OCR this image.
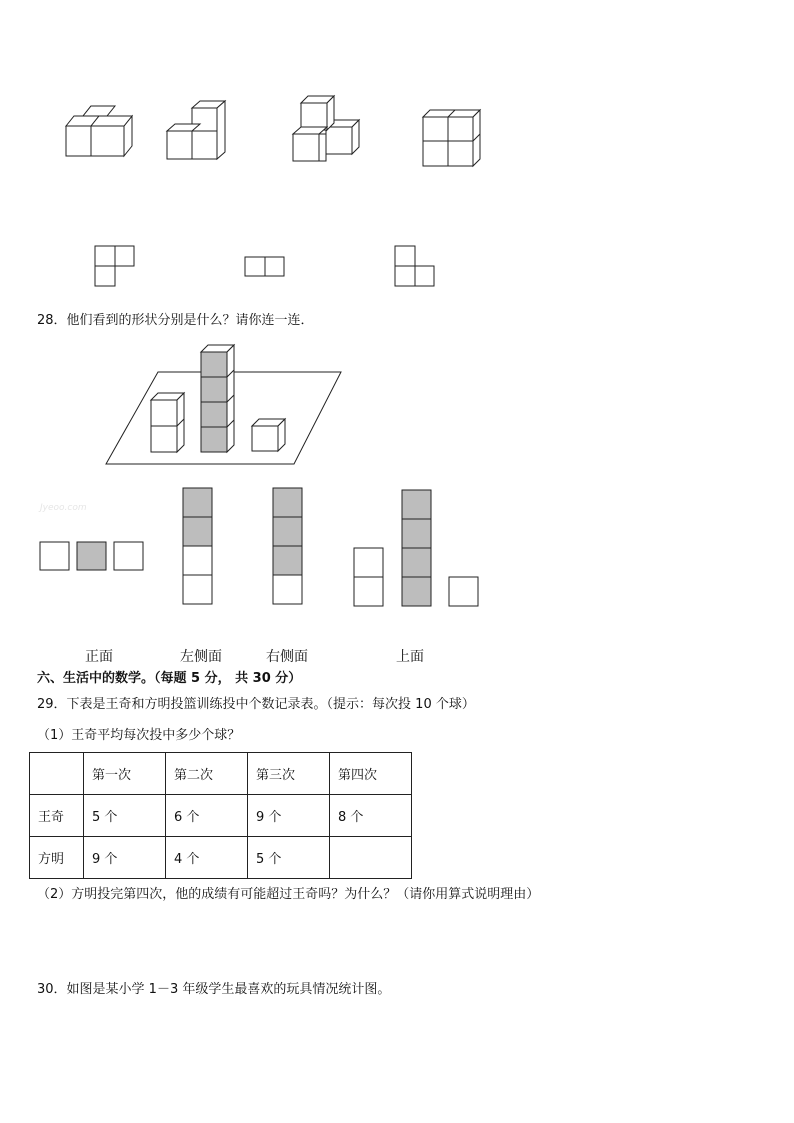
28．他们看到的形状分别是什么？请你连一连．
Jyeoo.com
正面	左侧面	右侧面	上面
六、生活中的数学。（每题 5 分， 共 30 分）
29．下表是王奇和方明投篮训练投中个数记录表。（提示：每次投 10 个球）
（1）王奇平均每次投中多少个球？
	第一次	第二次	第三次	第四次
王奇	5 个	6 个	9 个	8 个
方明	9 个	4 个	5 个	
（2）方明投完第四次，他的成绩有可能超过王奇吗？为什么？（请你用算式说明理由）
30．如图是某小学 1－3 年级学生最喜欢的玩具情况统计图。
